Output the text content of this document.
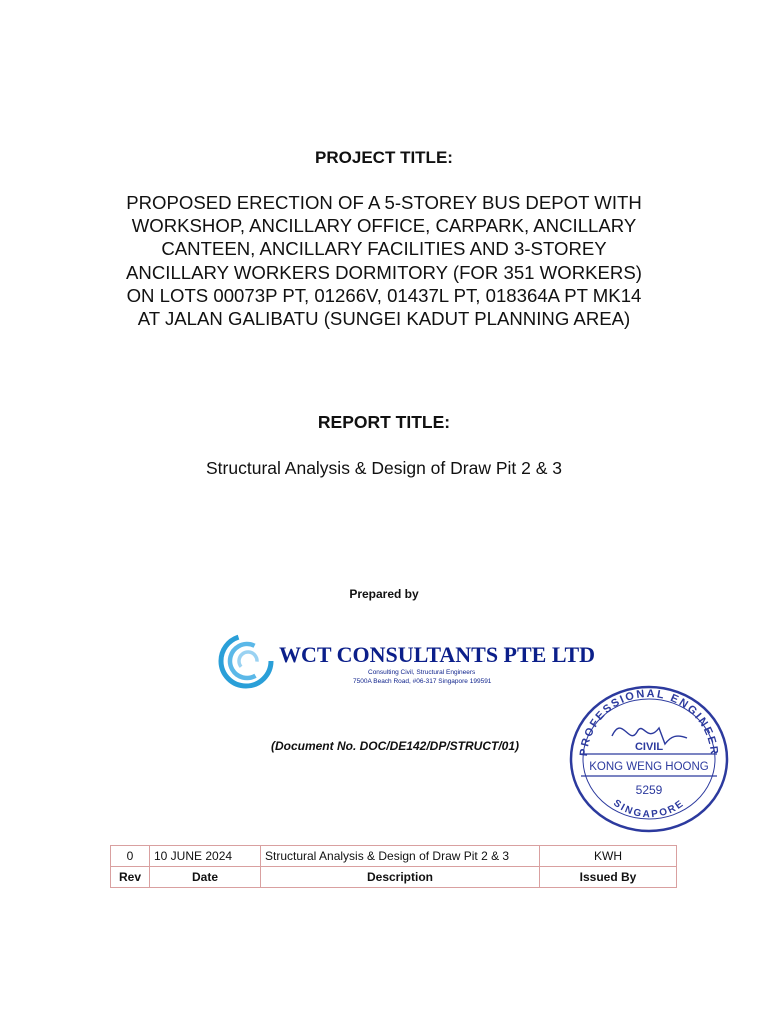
PROJECT TITLE:
PROPOSED ERECTION OF A 5-STOREY BUS DEPOT WITH
WORKSHOP, ANCILLARY OFFICE, CARPARK, ANCILLARY
CANTEEN, ANCILLARY FACILITIES AND 3-STOREY
ANCILLARY WORKERS DORMITORY (FOR 351 WORKERS)
ON LOTS 00073P PT, 01266V, 01437L PT, 018364A PT MK14
AT JALAN GALIBATU (SUNGEI KADUT PLANNING AREA)
REPORT TITLE:
Structural Analysis & Design of Draw Pit 2 & 3
Prepared by
WCT CONSULTANTS PTE LTD
Consulting Civil, Structural Engineers
7500A Beach Road, #06-317 Singapore 199591
(Document No. DOC/DE142/DP/STRUCT/01)	PROFESSIONAL ENGINEER
SINGAPORE
CIVIL
KONG WENG HOONG
5259
0	10 JUNE 2024	Structural Analysis & Design of Draw Pit 2 & 3	KWH
Rev	Date	Description	Issued By
